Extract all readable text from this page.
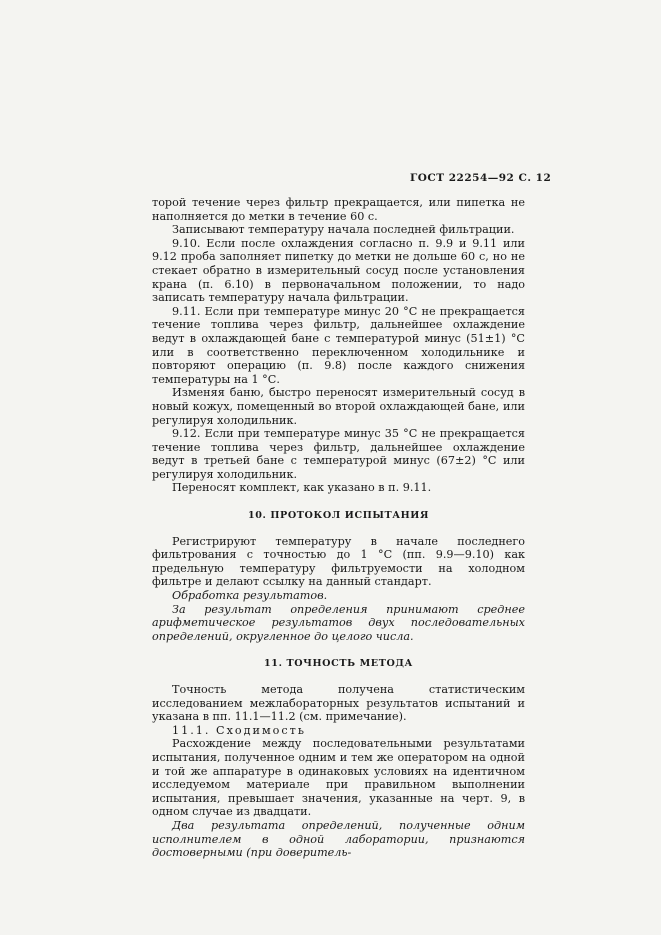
ГОСТ 22254—92 С. 12

торой течение через фильтр прекращается, или пипетка не наполняется до метки в течение 60 с.

Записывают температуру начала последней фильтрации.

9.10. Если после охлаждения согласно п. 9.9 и 9.11 или 9.12 проба заполняет пипетку до метки не дольше 60 с, но не стекает обратно в измерительный сосуд после установления крана (п. 6.10) в первоначальном положении, то надо записать температуру начала фильтрации.

9.11. Если при температуре минус 20 °С не прекращается течение топлива через фильтр, дальнейшее охлаждение ведут в охлаждающей бане с температурой минус (51±1) °С или в соответственно переключенном холодильнике и повторяют операцию (п. 9.8) после каждого снижения температуры на 1 °С.

Изменяя баню, быстро переносят измерительный сосуд в новый кожух, помещенный во второй охлаждающей бане, или регулируя холодильник.

9.12. Если при температуре минус 35 °С не прекращается течение топлива через фильтр, дальнейшее охлаждение ведут в третьей бане с температурой минус (67±2) °С или регулируя холодильник.

Переносят комплект, как указано в п. 9.11.

10. ПРОТОКОЛ ИСПЫТАНИЯ

Регистрируют температуру в начале последнего фильтрования с точностью до 1 °С (пп. 9.9—9.10) как предельную температуру фильтруемости на холодном фильтре и делают ссылку на данный стандарт.

Обработка результатов.

За результат определения принимают среднее арифметическое результатов двух последовательных определений, округленное до целого числа.

11. ТОЧНОСТЬ МЕТОДА

Точность метода получена статистическим исследованием межлабораторных результатов испытаний и указана в пп. 11.1—11.2 (см. примечание).

11.1. Сходимость

Расхождение между последовательными результатами испытания, полученное одним и тем же оператором на одной и той же аппаратуре в одинаковых условиях на идентичном исследуемом материале при правильном выполнении испытания, превышает значения, указанные на черт. 9, в одном случае из двадцати.

Два результата определений, полученные одним исполнителем в одной лаборатории, признаются достоверными (при доверитель-
